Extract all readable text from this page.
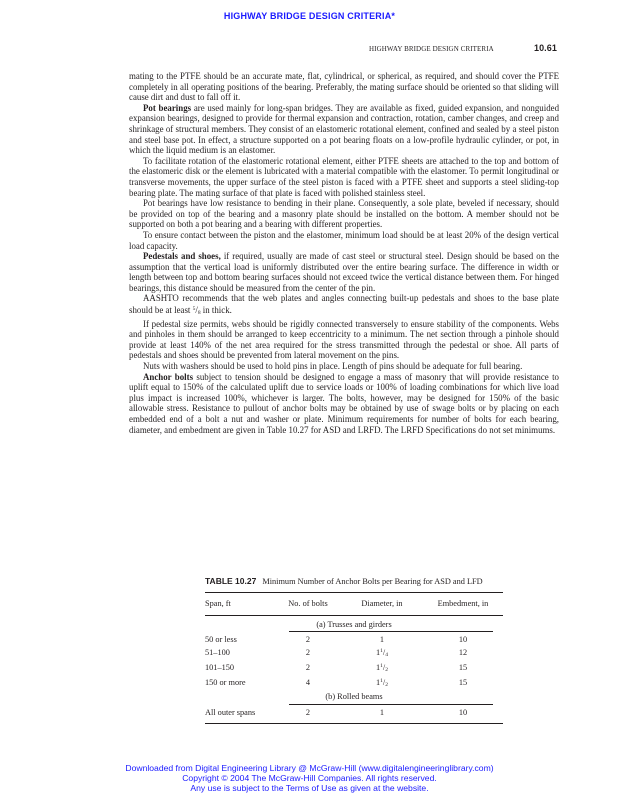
HIGHWAY BRIDGE DESIGN CRITERIA*
HIGHWAY BRIDGE DESIGN CRITERIA	10.61

mating to the PTFE should be an accurate mate, flat, cylindrical, or spherical, as required, and should cover the PTFE completely in all operating positions of the bearing. Preferably, the mating surface should be oriented so that sliding will cause dirt and dust to fall off it.

Pot bearings are used mainly for long-span bridges. They are available as fixed, guided expansion, and nonguided expansion bearings, designed to provide for thermal expansion and contraction, rotation, camber changes, and creep and shrinkage of structural members. They consist of an elastomeric rotational element, confined and sealed by a steel piston and steel base pot. In effect, a structure supported on a pot bearing floats on a low-profile hydraulic cylinder, or pot, in which the liquid medium is an elastomer.

To facilitate rotation of the elastomeric rotational element, either PTFE sheets are attached to the top and bottom of the elastomeric disk or the element is lubricated with a material compatible with the elastomer. To permit longitudinal or transverse movements, the upper surface of the steel piston is faced with a PTFE sheet and supports a steel sliding-top bearing plate. The mating surface of that plate is faced with polished stainless steel.

Pot bearings have low resistance to bending in their plane. Consequently, a sole plate, beveled if necessary, should be provided on top of the bearing and a masonry plate should be installed on the bottom. A member should not be supported on both a pot bearing and a bearing with different properties.

To ensure contact between the piston and the elastomer, minimum load should be at least 20% of the design vertical load capacity.

Pedestals and shoes, if required, usually are made of cast steel or structural steel. Design should be based on the assumption that the vertical load is uniformly distributed over the entire bearing surface. The difference in width or length between top and bottom bearing surfaces should not exceed twice the vertical distance between them. For hinged bearings, this distance should be measured from the center of the pin.

AASHTO recommends that the web plates and angles connecting built-up pedestals and shoes to the base plate should be at least $^5/_8$ in thick.

If pedestal size permits, webs should be rigidly connected transversely to ensure stability of the components. Webs and pinholes in them should be arranged to keep eccentricity to a minimum. The net section through a pinhole should provide at least 140% of the net area required for the stress transmitted through the pedestal or shoe. All parts of pedestals and shoes should be prevented from lateral movement on the pins.

Nuts with washers should be used to hold pins in place. Length of pins should be adequate for full bearing.

Anchor bolts subject to tension should be designed to engage a mass of masonry that will provide resistance to uplift equal to 150% of the calculated uplift due to service loads or 100% of loading combinations for which live load plus impact is increased 100%, whichever is larger. The bolts, however, may be designed for 150% of the basic allowable stress. Resistance to pullout of anchor bolts may be obtained by use of swage bolts or by placing on each embedded end of a bolt a nut and washer or plate. Minimum requirements for number of bolts for each bearing, diameter, and embedment are given in Table 10.27 for ASD and LRFD. The LRFD Specifications do not set minimums.

TABLE 10.27 Minimum Number of Anchor Bolts per Bearing for ASD and LFD
Span, ft	No. of bolts	Diameter, in	Embedment, in

(a) Trusses and girders			

50 or less	2	1	10
51–100	2	$1^1/_4$	12
101–150	2	$1^1/_2$	15
150 or more	4	$1^1/_2$	15
(b) Rolled beams			

All outer spans	2	1	10
Downloaded from Digital Engineering Library @ McGraw-Hill (www.digitalengineeringlibrary.com)
Copyright © 2004 The McGraw-Hill Companies. All rights reserved.
Any use is subject to the Terms of Use as given at the website.
